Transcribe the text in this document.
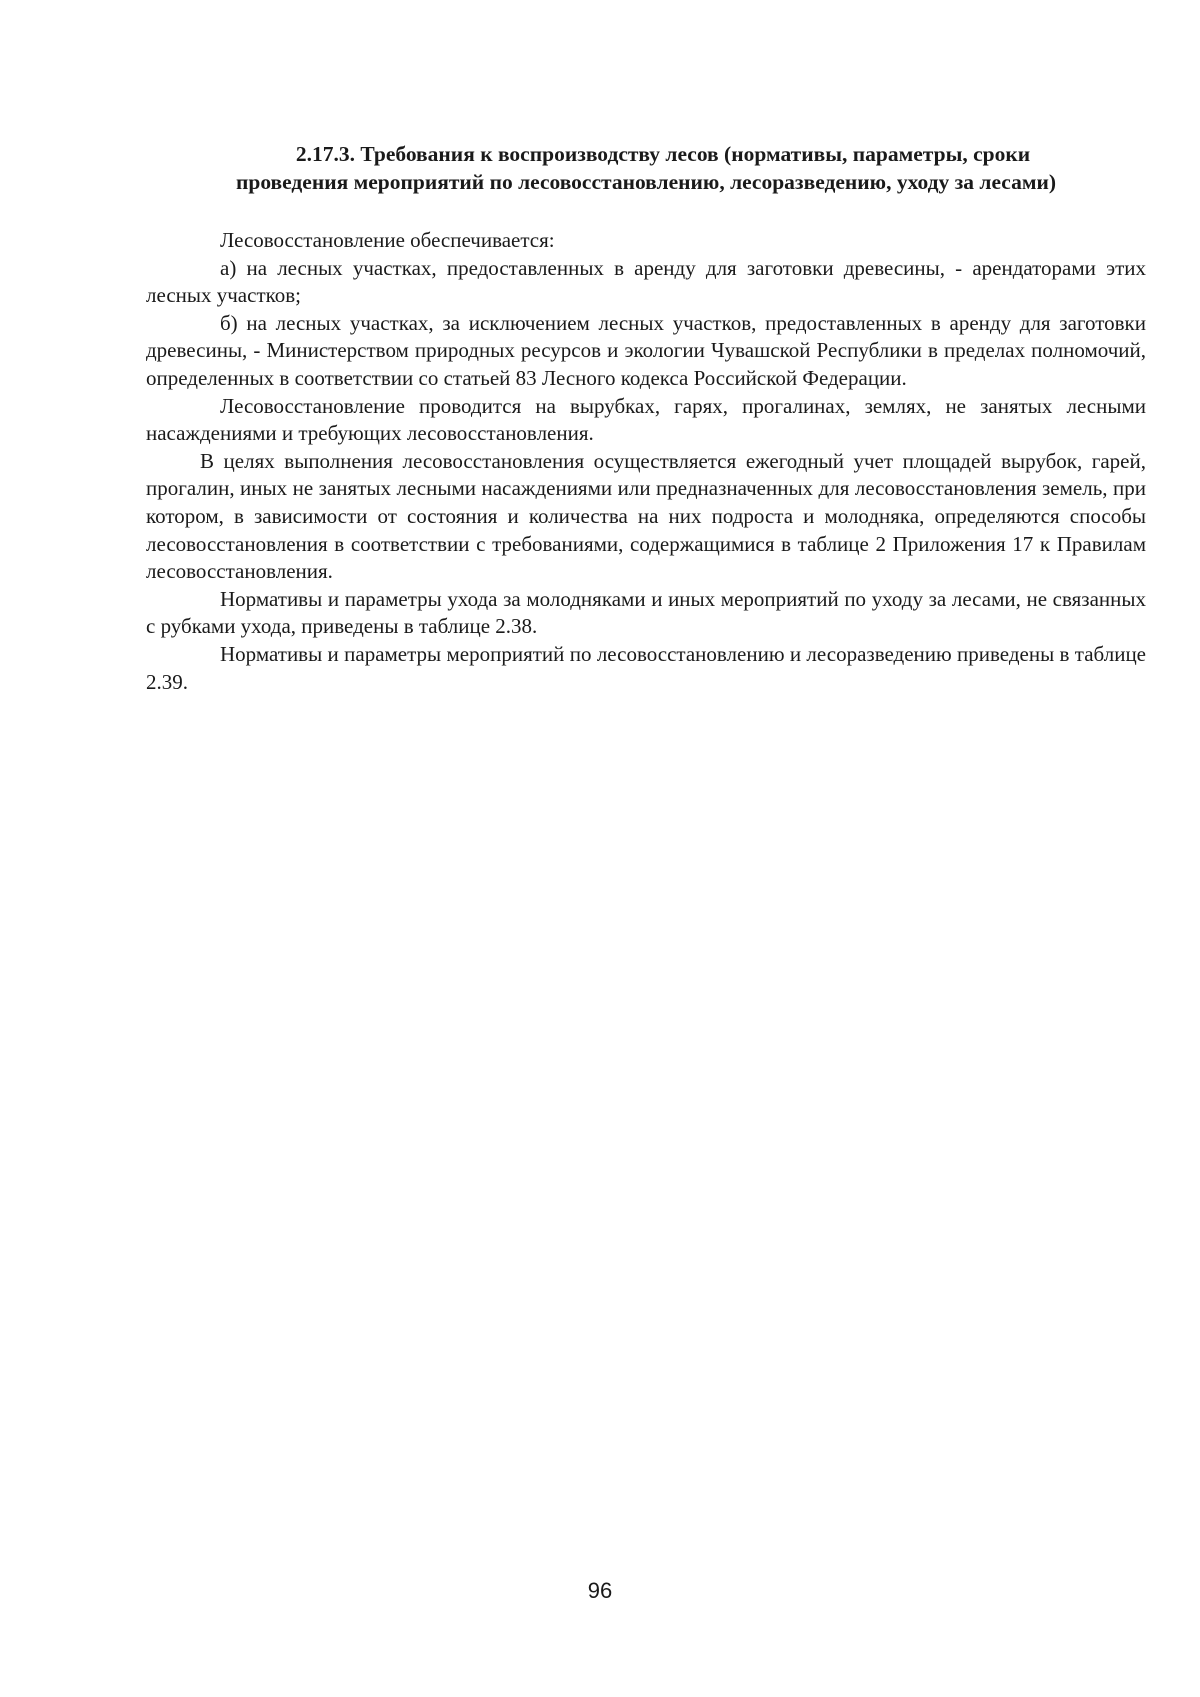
2.17.3. Требования к воспроизводству лесов (нормативы, параметры, сроки
проведения мероприятий по лесовосстановлению, лесоразведению, уходу за лесами)

Лесовосстановление обеспечивается:

а) на лесных участках, предоставленных в аренду для заготовки древесины, - арендаторами этих лесных участков;

б) на лесных участках, за исключением лесных участков, предоставленных в аренду для заготовки древесины, - Министерством природных ресурсов и экологии Чувашской Республики в пределах полномочий, определенных в соответствии со статьей 83 Лесного кодекса Российской Федерации.

Лесовосстановление проводится на вырубках, гарях, прогалинах, землях, не занятых лесными насаждениями и требующих лесовосстановления.

В целях выполнения лесовосстановления осуществляется ежегодный учет площадей вырубок, гарей, прогалин, иных не занятых лесными насаждениями или предназначенных для лесовосстановления земель, при котором, в зависимости от состояния и количества на них подроста и молодняка, определяются способы лесовосстановления в соответствии с требованиями, содержащимися в таблице 2 Приложения 17 к Правилам лесовосстановления.

Нормативы и параметры ухода за молодняками и иных мероприятий по уходу за лесами, не связанных с рубками ухода, приведены в таблице 2.38.

Нормативы и параметры мероприятий по лесовосстановлению и лесоразведению приведены в таблице 2.39.

96
